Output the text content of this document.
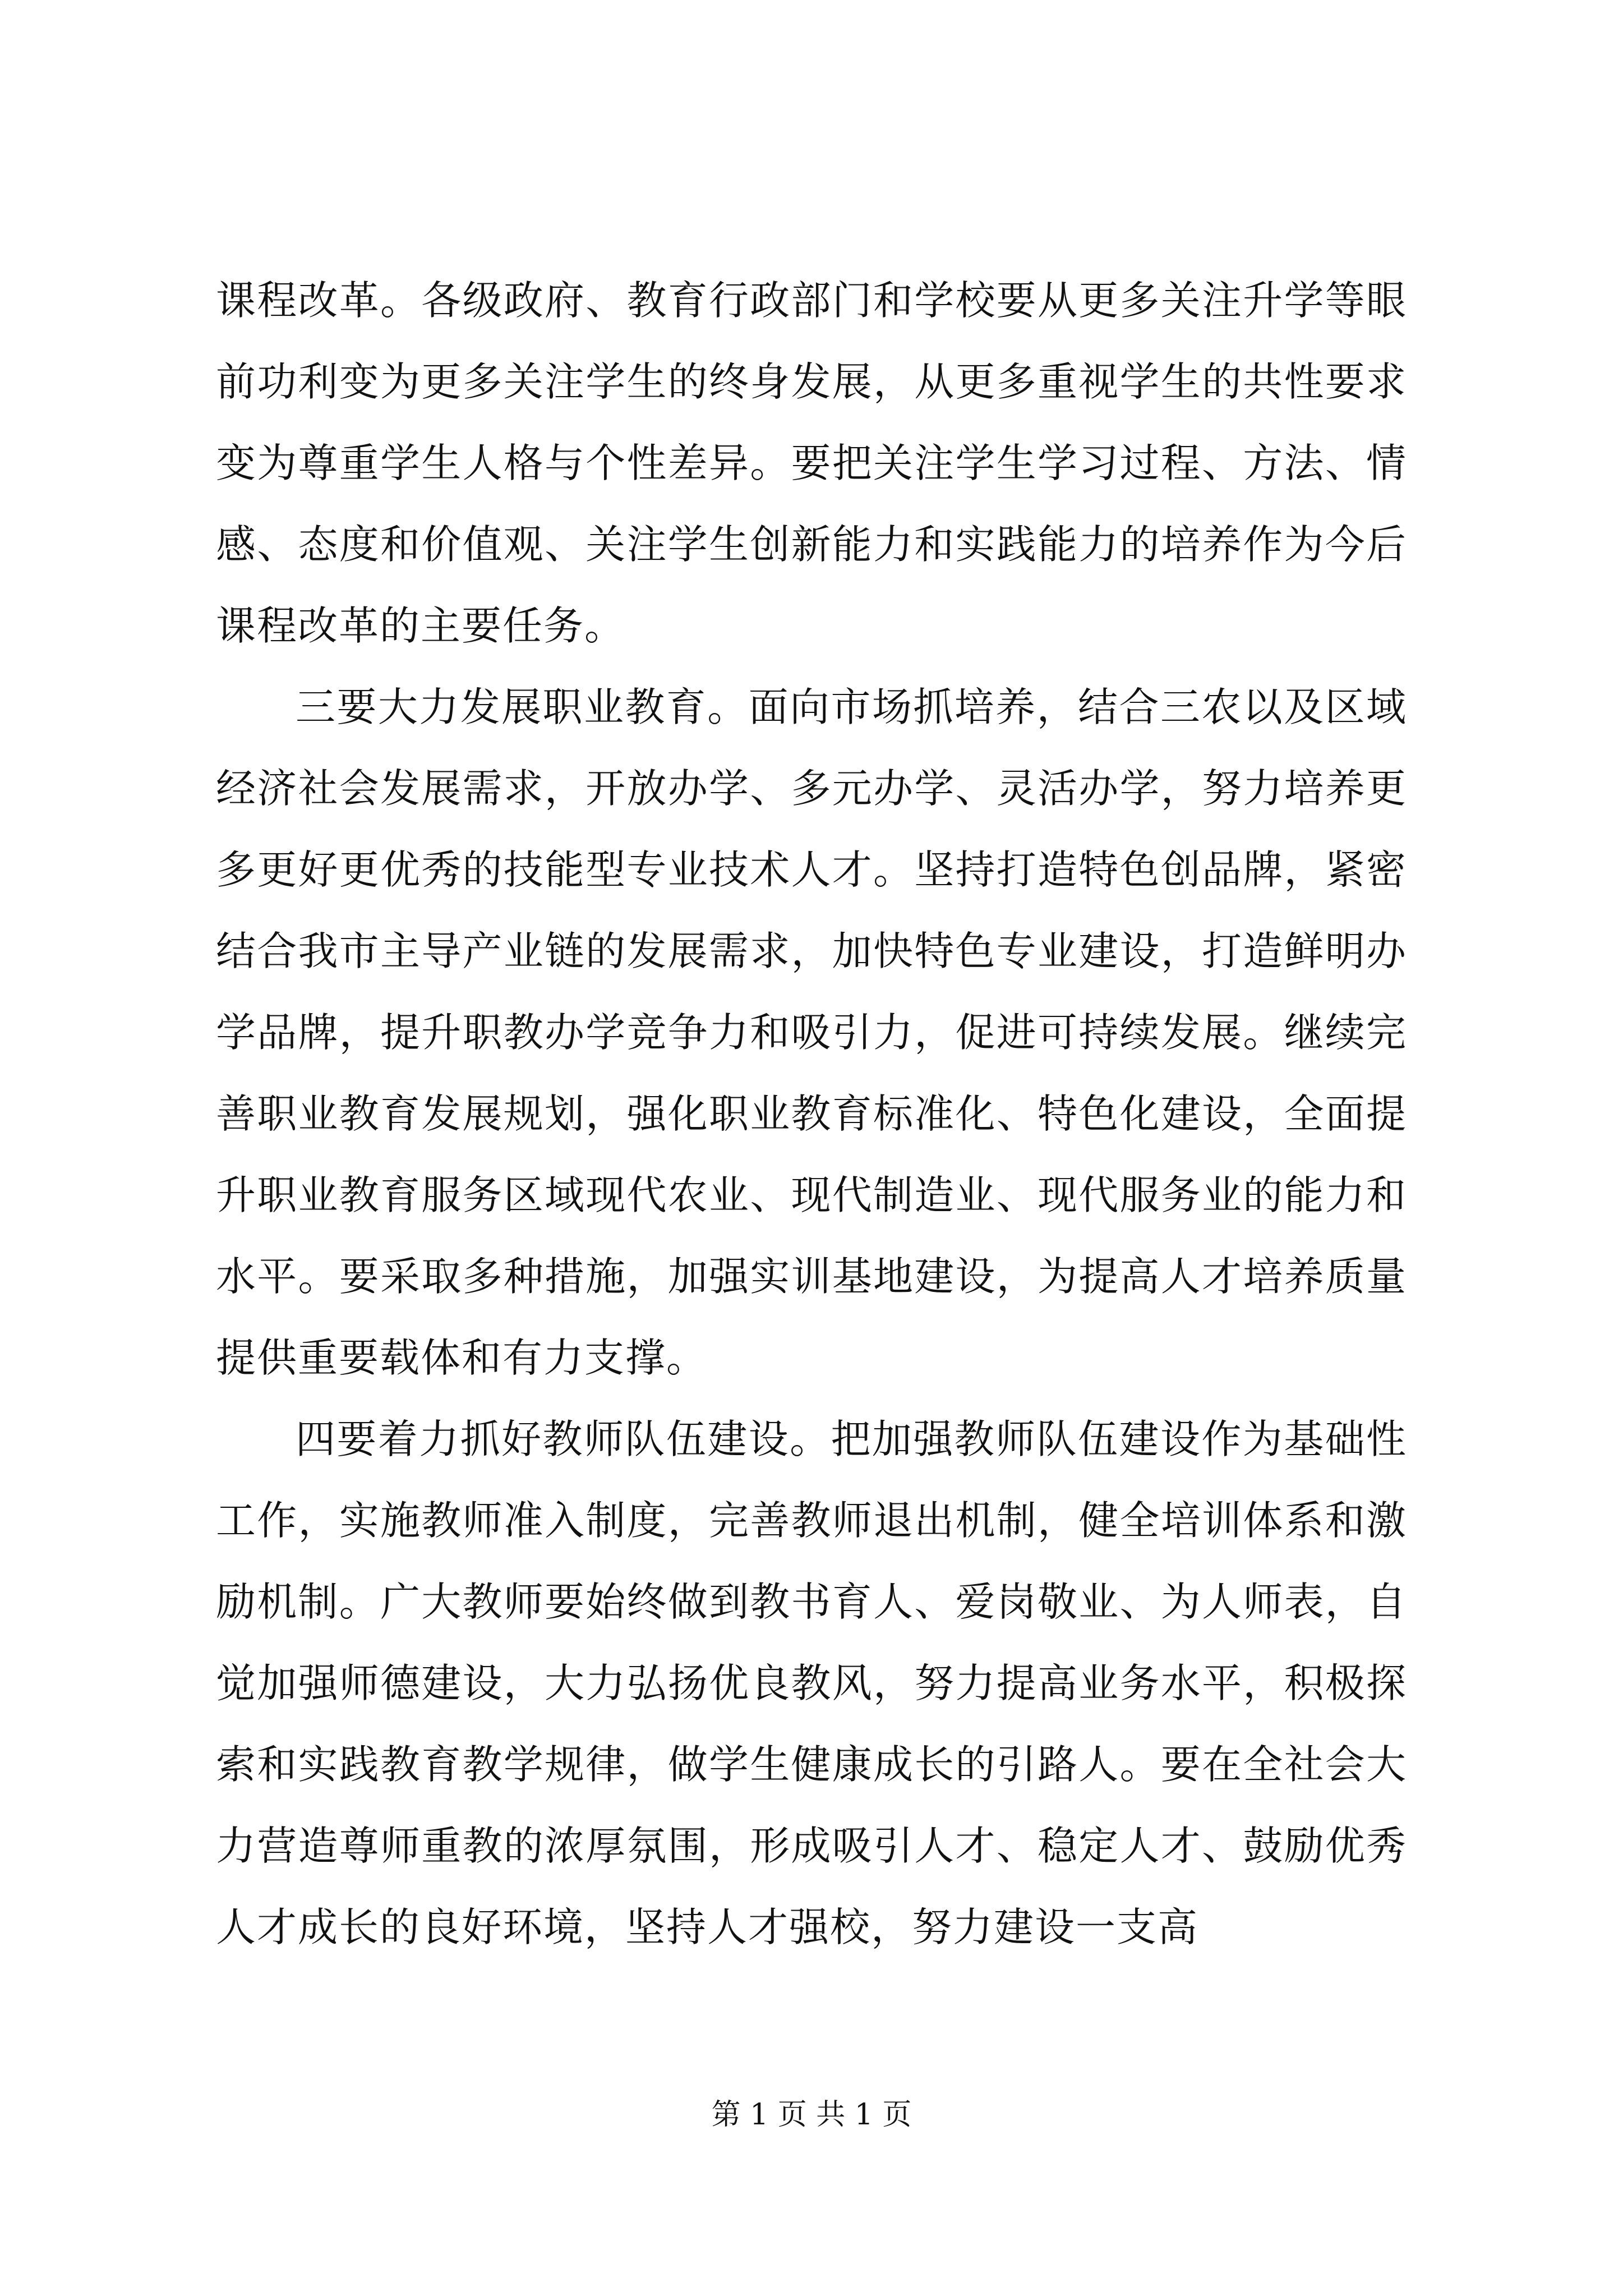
课程改革。各级政府、教育行政部门和学校要从更多关注升学等眼前功利变为更多关注学生的终身发展，从更多重视学生的共性要求变为尊重学生人格与个性差异。要把关注学生学习过程、方法、情感、态度和价值观、关注学生创新能力和实践能力的培养作为今后课程改革的主要任务。

三要大力发展职业教育。面向市场抓培养，结合三农以及区域经济社会发展需求，开放办学、多元办学、灵活办学，努力培养更多更好更优秀的技能型专业技术人才。坚持打造特色创品牌，紧密结合我市主导产业链的发展需求，加快特色专业建设，打造鲜明办学品牌，提升职教办学竞争力和吸引力，促进可持续发展。继续完善职业教育发展规划，强化职业教育标准化、特色化建设，全面提升职业教育服务区域现代农业、现代制造业、现代服务业的能力和水平。要采取多种措施，加强实训基地建设，为提高人才培养质量提供重要载体和有力支撑。

四要着力抓好教师队伍建设。把加强教师队伍建设作为基础性工作，实施教师准入制度，完善教师退出机制，健全培训体系和激励机制。广大教师要始终做到教书育人、爱岗敬业、为人师表，自觉加强师德建设，大力弘扬优良教风，努力提高业务水平，积极探索和实践教育教学规律，做学生健康成长的引路人。要在全社会大力营造尊师重教的浓厚氛围，形成吸引人才、稳定人才、鼓励优秀人才成长的良好环境，坚持人才强校，努力建设一支高

第 1 页 共 1 页
